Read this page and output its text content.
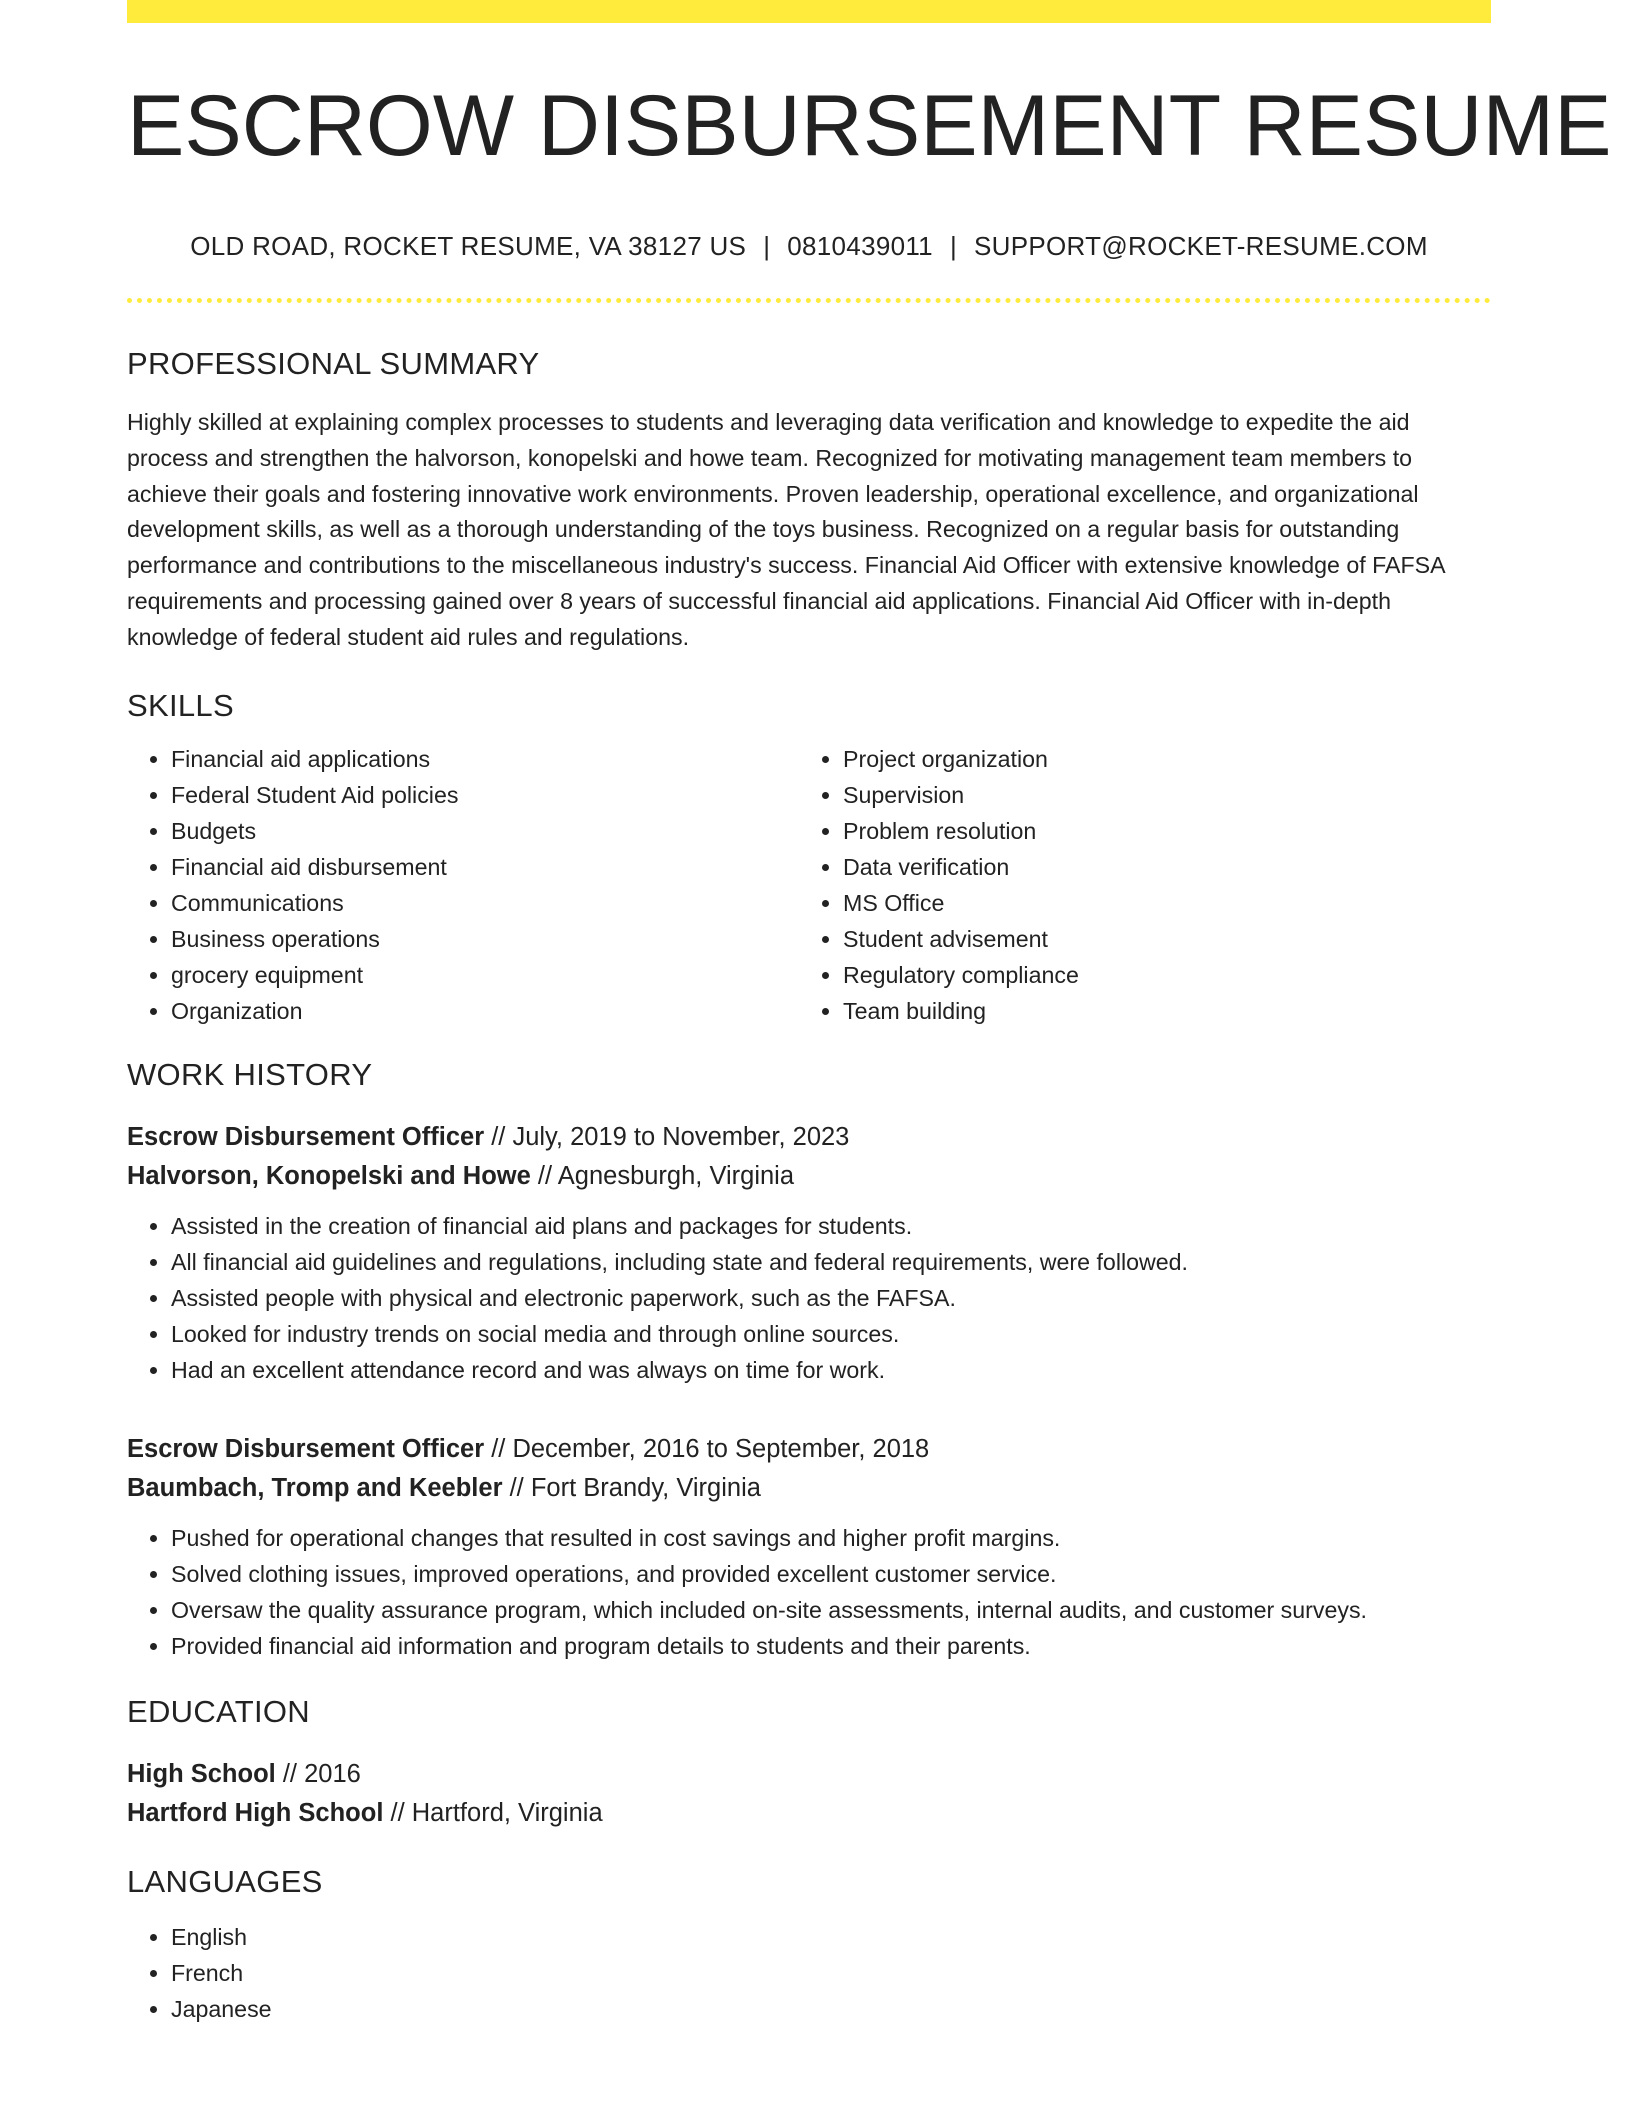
ESCROW DISBURSEMENT RESUME
OLD ROAD, ROCKET RESUME, VA 38127 US | 0810439011 | SUPPORT@ROCKET-RESUME.COM
PROFESSIONAL SUMMARY

Highly skilled at explaining complex processes to students and leveraging data verification and knowledge to expedite the aid process and strengthen the halvorson, konopelski and howe team. Recognized for motivating management team members to achieve their goals and fostering innovative work environments. Proven leadership, operational excellence, and organizational development skills, as well as a thorough understanding of the toys business. Recognized on a regular basis for outstanding performance and contributions to the miscellaneous industry's success. Financial Aid Officer with extensive knowledge of FAFSA requirements and processing gained over 8 years of successful financial aid applications. Financial Aid Officer with in-depth knowledge of federal student aid rules and regulations.

SKILLS
• Financial aid applications
• Federal Student Aid policies
• Budgets
• Financial aid disbursement
• Communications
• Business operations
• grocery equipment
• Organization
• Project organization
• Supervision
• Problem resolution
• Data verification
• MS Office
• Student advisement
• Regulatory compliance
• Team building
WORK HISTORY
Escrow Disbursement Officer // July, 2019 to November, 2023
Halvorson, Konopelski and Howe // Agnesburgh, Virginia
• Assisted in the creation of financial aid plans and packages for students.
• All financial aid guidelines and regulations, including state and federal requirements, were followed.
• Assisted people with physical and electronic paperwork, such as the FAFSA.
• Looked for industry trends on social media and through online sources.
• Had an excellent attendance record and was always on time for work.
Escrow Disbursement Officer // December, 2016 to September, 2018
Baumbach, Tromp and Keebler // Fort Brandy, Virginia
• Pushed for operational changes that resulted in cost savings and higher profit margins.
• Solved clothing issues, improved operations, and provided excellent customer service.
• Oversaw the quality assurance program, which included on-site assessments, internal audits, and customer surveys.
• Provided financial aid information and program details to students and their parents.
EDUCATION
High School // 2016
Hartford High School // Hartford, Virginia
LANGUAGES
• English
• French
• Japanese
